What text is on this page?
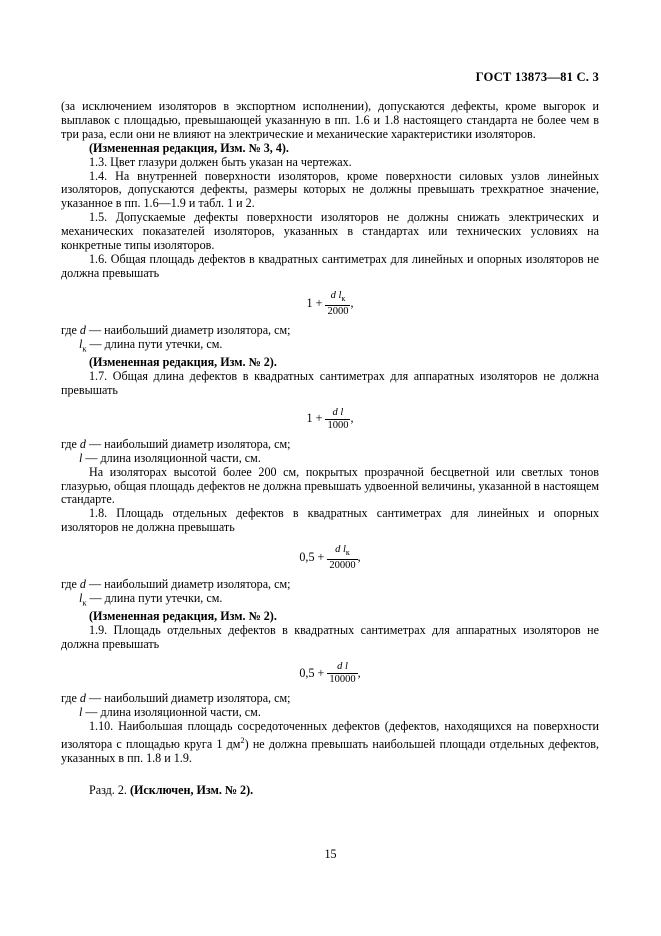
ГОСТ 13873—81 С. 3

(за исключением изоляторов в экспортном исполнении), допускаются дефекты, кроме выгорок и выплавок с площадью, превышающей указанную в пп. 1.6 и 1.8 настоящего стандарта не более чем в три раза, если они не влияют на электрические и механические характеристики изоляторов.

(Измененная редакция, Изм. № 3, 4).

1.3. Цвет глазури должен быть указан на чертежах.

1.4. На внутренней поверхности изоляторов, кроме поверхности силовых узлов линейных изоляторов, допускаются дефекты, размеры которых не должны превышать трехкратное значение, указанное в пп. 1.6—1.9 и табл. 1 и 2.

1.5. Допускаемые дефекты поверхности изоляторов не должны снижать электрических и механических показателей изоляторов, указанных в стандартах или технических условиях на конкретные типы изоляторов.

1.6. Общая площадь дефектов в квадратных сантиметрах для линейных и опорных изоляторов не должна превышать

$1 + \frac{d l_к}{2000}$ ,

где d — наибольший диаметр изолятора, см;

$l_к$ — длина пути утечки, см.

(Измененная редакция, Изм. № 2).

1.7. Общая длина дефектов в квадратных сантиметрах для аппаратных изоляторов не должна превышать

$1 + \frac{\text{d l}}{1000}$ ,

где d — наибольший диаметр изолятора, см;

l — длина изоляционной части, см.

На изоляторах высотой более 200 см, покрытых прозрачной бесцветной или светлых тонов глазурью, общая площадь дефектов не должна превышать удвоенной величины, указанной в настоящем стандарте.

1.8. Площадь отдельных дефектов в квадратных сантиметрах для линейных и опорных изоляторов не должна превышать

$0,5 + \frac{d l_к}{20000}$ ,

где d — наибольший диаметр изолятора, см;

$l_к$ — длина пути утечки, см.

(Измененная редакция, Изм. № 2).

1.9. Площадь отдельных дефектов в квадратных сантиметрах для аппаратных изоляторов не должна превышать

$0,5 + \frac{\text{d l}}{10000}$ ,

где d — наибольший диаметр изолятора, см;

l — длина изоляционной части, см.

1.10. Наибольшая площадь сосредоточенных дефектов (дефектов, находящихся на поверхности изолятора с площадью круга 1 $дм^2$) не должна превышать наибольшей площади отдельных дефектов, указанных в пп. 1.8 и 1.9.

Разд. 2. (Исключен, Изм. № 2).

15
